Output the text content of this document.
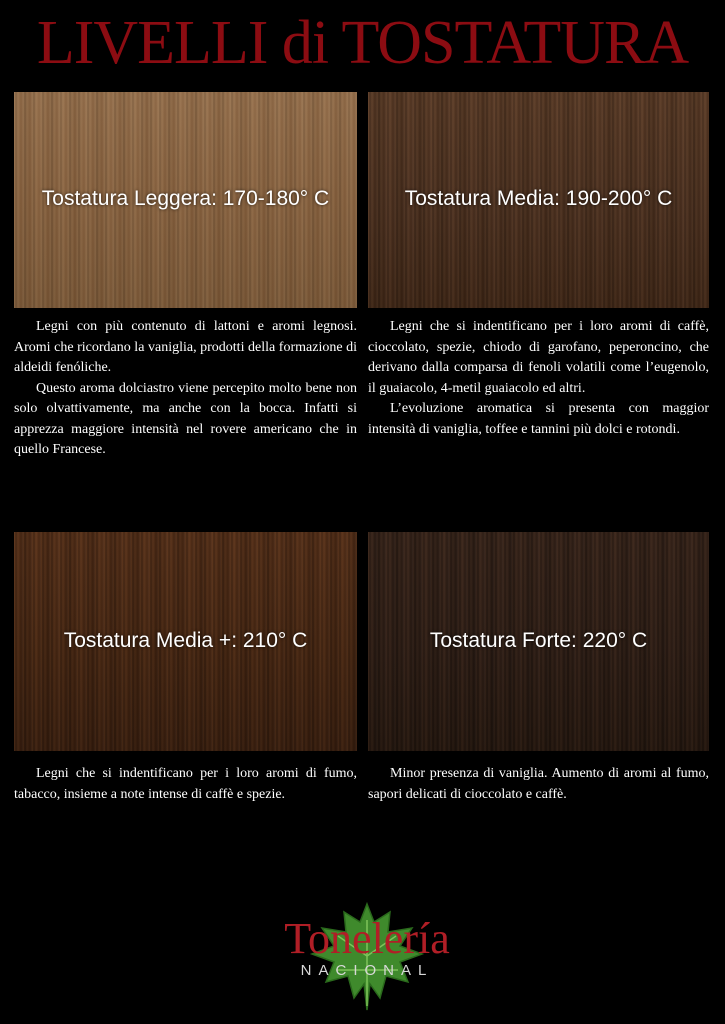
LIVELLI di TOSTATURA
Tostatura Leggera: 170-180° C

Legni con più contenuto di lattoni e aromi legnosi. Aromi che ricordano la vaniglia, prodotti della formazione di aldeidi fenóliche.

Questo aroma dolciastro viene percepito molto bene non solo olvattivamente, ma anche con la bocca. Infatti si apprezza maggiore intensità nel rovere americano che in quello Francese.

Tostatura Media: 190-200° C

Legni che si indentificano per i loro aromi di caffè, cioccolato, spezie, chiodo di garofano, peperoncino, che derivano dalla comparsa di fenoli volatili come l’eugenolo, il guaiacolo, 4-metil guaiacolo ed altri.

L’evoluzione aromatica si presenta con maggior intensità di vaniglia, toffee e tannini più dolci e rotondi.

Tostatura Media +: 210° C

Legni che si indentificano per i loro aromi di fumo, tabacco, insieme a note intense di caffè e spezie.

Tostatura Forte: 220° C

Minor presenza di vaniglia. Aumento di aromi al fumo, sapori delicati di cioccolato e caffè.

Tonelería
NACIONAL
